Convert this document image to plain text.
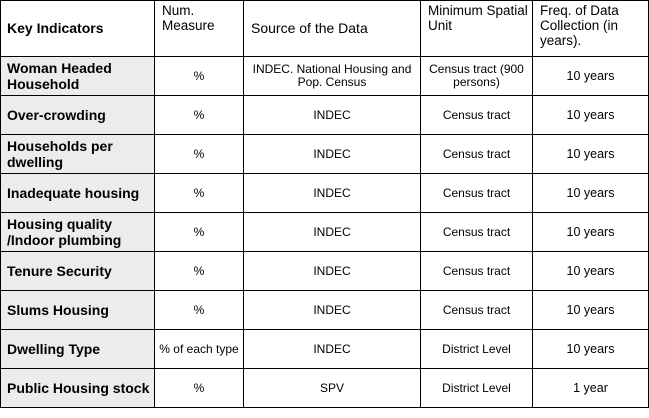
Key Indicators	Num. Measure	Source of the Data	Minimum Spatial Unit	Freq. of Data Collection (in years).
Woman Headed Household	%	INDEC. National Housing and Pop. Census	Census tract (900 persons)	10 years
Over-crowding	%	INDEC	Census tract	10 years
Households per dwelling	%	INDEC	Census tract	10 years
Inadequate housing	%	INDEC	Census tract	10 years
Housing quality /Indoor plumbing	%	INDEC	Census tract	10 years
Tenure Security	%	INDEC	Census tract	10 years
Slums Housing	%	INDEC	Census tract	10 years
Dwelling Type	% of each type	INDEC	District Level	10 years
Public Housing stock	%	SPV	District Level	1 year
